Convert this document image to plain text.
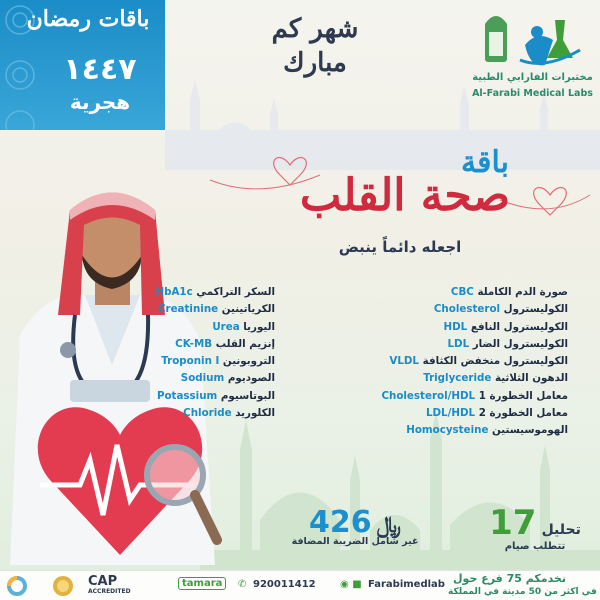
باقات رمضان
١٤٤٧
هجرية
شهر كم
مبارك	مختبرات الفارابي الطبية
Al-Farabi Medical Labs
باقة
صحة القلب
اجعله دائماً ينبض
صورة الدم الكاملة CBC
الكوليسترول Cholesterol
الكوليسترول النافع HDL
الكوليسترول الضار LDL
الكوليسترول منخفض الكثافة VLDL
الدهون الثلاثية Triglyceride
معامل الخطورة 1 Cholesterol/HDL
معامل الخطورة 2 LDL/HDL
الهوموسيستين Homocysteine
السكر التراكمي HbA1c
الكرياتينين Creatinine
اليوريا Urea
إنزيم القلب CK-MB
التروبونين Troponin I
الصوديوم Sodium
البوتاسيوم Potassium
الكلوريد Chloride
﷼ 426
غير شامل الضريبة المضافة
تحليل 17
تتطلب صيام
CAP
ACCREDITED
tamara	✆ 920011412 ◉ ■ Farabimedlab نخدمكم 75 فرع حول
في أكثر من 50 مدينة في المملكة
